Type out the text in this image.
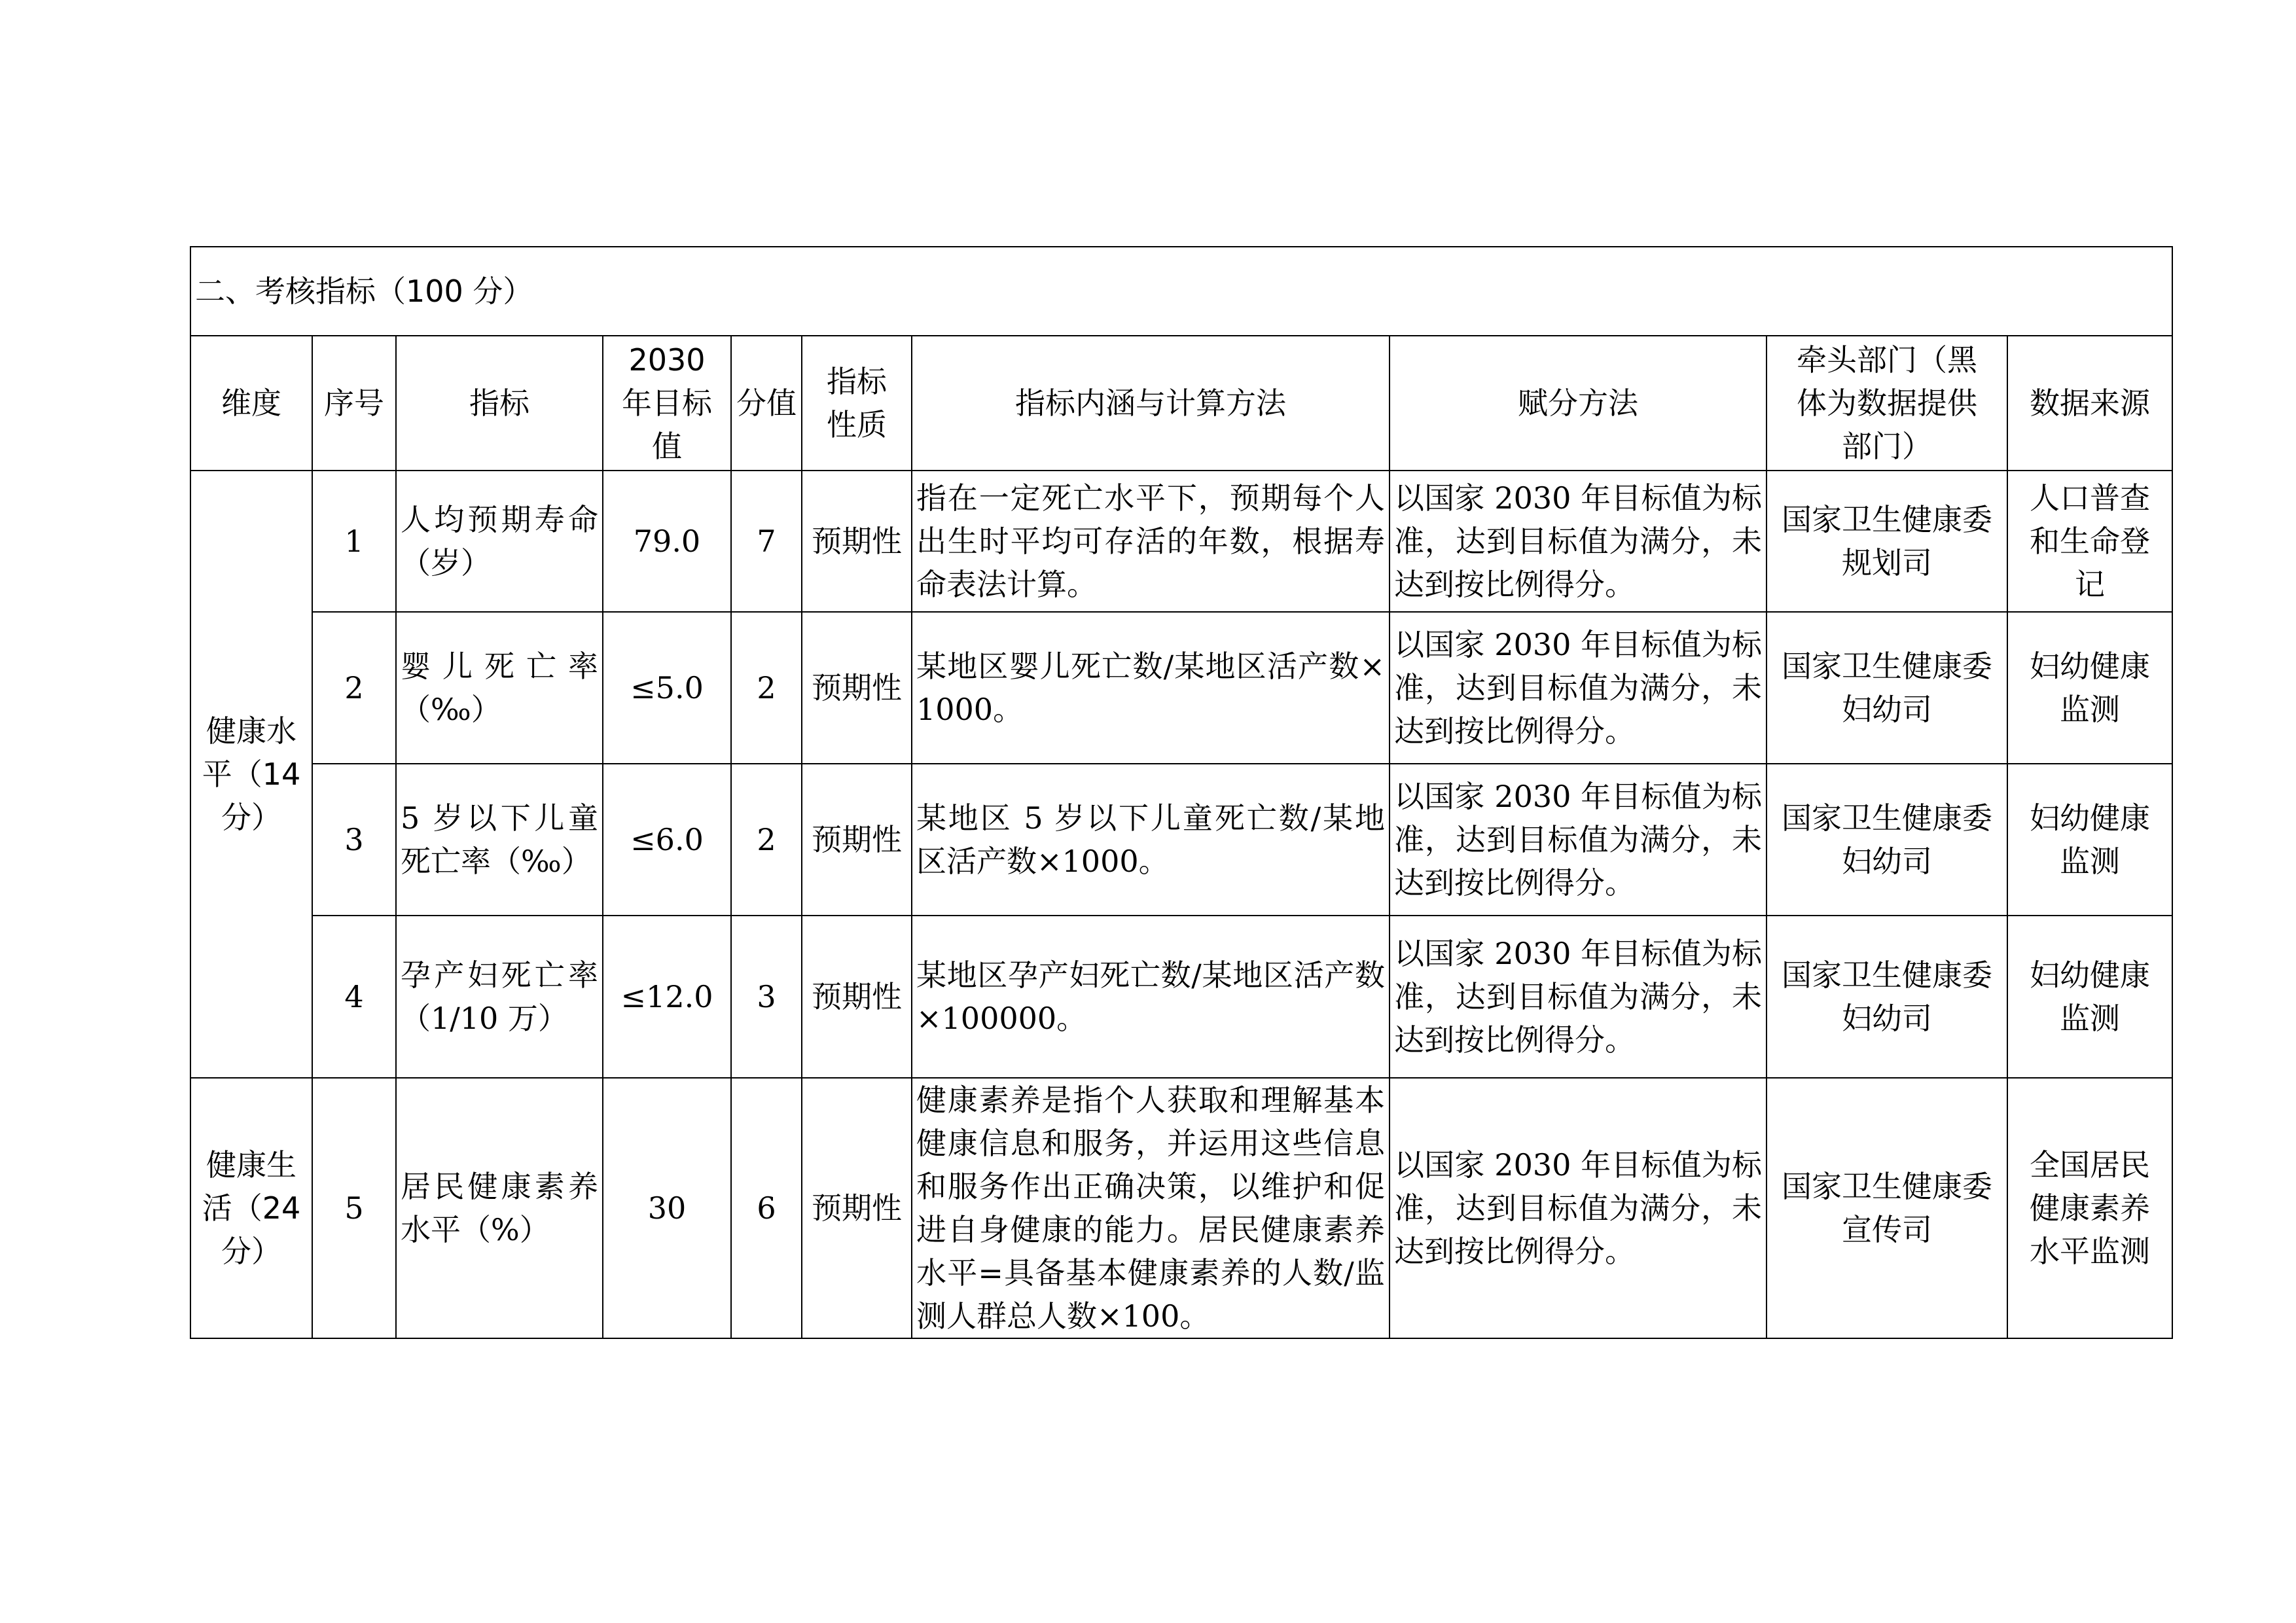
二、考核指标（100 分）									
维度	序号	指标	2030 年目标值	分值	指标性质	指标内涵与计算方法	赋分方法	牵头部门（黑体为数据提供部门）	数据来源
健康水平（14 分）	1	人均预期寿命（岁）	79.0	7	预期性	指在一定死亡水平下，预期每个人出生时平均可存活的年数，根据寿命表法计算。	以国家 2030 年目标值为标准，达到目标值为满分，未达到按比例得分。	国家卫生健康委规划司	人口普查和生命登记
	2	婴儿死亡率（‰）	≤5.0	2	预期性	某地区婴儿死亡数/某地区活产数×1000。	以国家 2030 年目标值为标准，达到目标值为满分，未达到按比例得分。	国家卫生健康委妇幼司	妇幼健康监测
	3	5 岁以下儿童死亡率（‰）	≤6.0	2	预期性	某地区 5 岁以下儿童死亡数/某地区活产数×1000。	以国家 2030 年目标值为标准，达到目标值为满分，未达到按比例得分。	国家卫生健康委妇幼司	妇幼健康监测
	4	孕产妇死亡率（1/10 万）	≤12.0	3	预期性	某地区孕产妇死亡数/某地区活产数×100000。	以国家 2030 年目标值为标准，达到目标值为满分，未达到按比例得分。	国家卫生健康委妇幼司	妇幼健康监测
健康生活（24 分）	5	居民健康素养水平（%）	30	6	预期性	健康素养是指个人获取和理解基本健康信息和服务，并运用这些信息和服务作出正确决策，以维护和促进自身健康的能力。居民健康素养水平=具备基本健康素养的人数/监测人群总人数×100。	以国家 2030 年目标值为标准，达到目标值为满分，未达到按比例得分。	国家卫生健康委宣传司	全国居民健康素养水平监测
